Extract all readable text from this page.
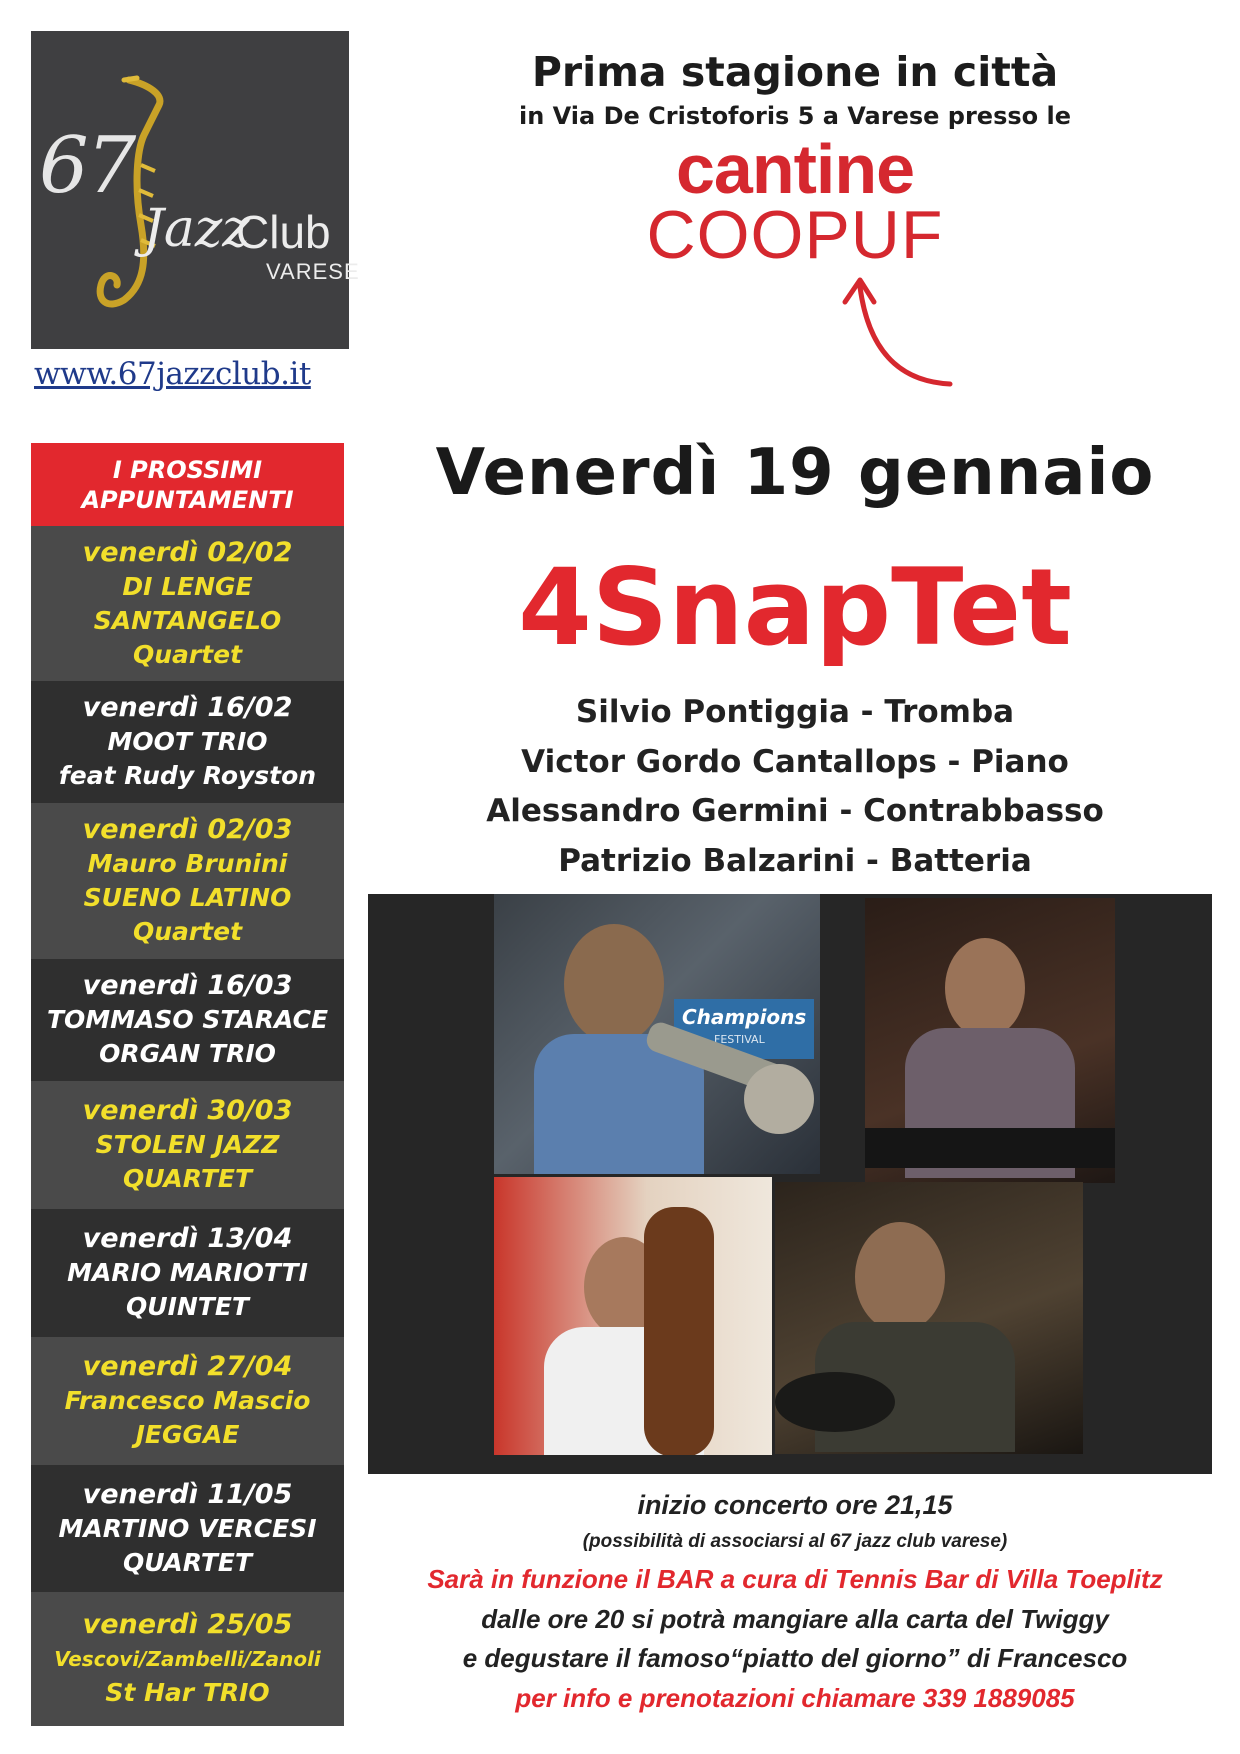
67
Jazz
Club
VARESE
www.67jazzclub.it
Prima stagione in città
in Via De Cristoforis 5 a Varese presso le
cantine
COOPUF
I PROSSIMI
APPUNTAMENTI
venerdì 02/02
DI LENGE
SANTANGELO
Quartet
venerdì 16/02
MOOT TRIO
feat Rudy Royston
venerdì 02/03
Mauro Brunini
SUENO LATINO
Quartet
venerdì 16/03
TOMMASO STARACE
ORGAN TRIO
venerdì 30/03
STOLEN JAZZ
QUARTET
venerdì 13/04
MARIO MARIOTTI
QUINTET
venerdì 27/04
Francesco Mascio
JEGGAE
venerdì 11/05
MARTINO VERCESI
QUARTET
venerdì 25/05
Vescovi/Zambelli/Zanoli
St Har TRIO
Venerdì 19 gennaio
4SnapTet
Silvio Pontiggia - Tromba
Victor Gordo Cantallops - Piano
Alessandro Germini - Contrabbasso
Patrizio Balzarini - Batteria
Champions
FESTIVAL
inizio concerto ore 21,15
(possibilità di associarsi al 67 jazz club varese)
Sarà in funzione il BAR a cura di Tennis Bar di Villa Toeplitz
dalle ore 20 si potrà mangiare alla carta del Twiggy
e degustare il famoso“piatto del giorno” di Francesco
per info e prenotazioni chiamare 339 1889085
